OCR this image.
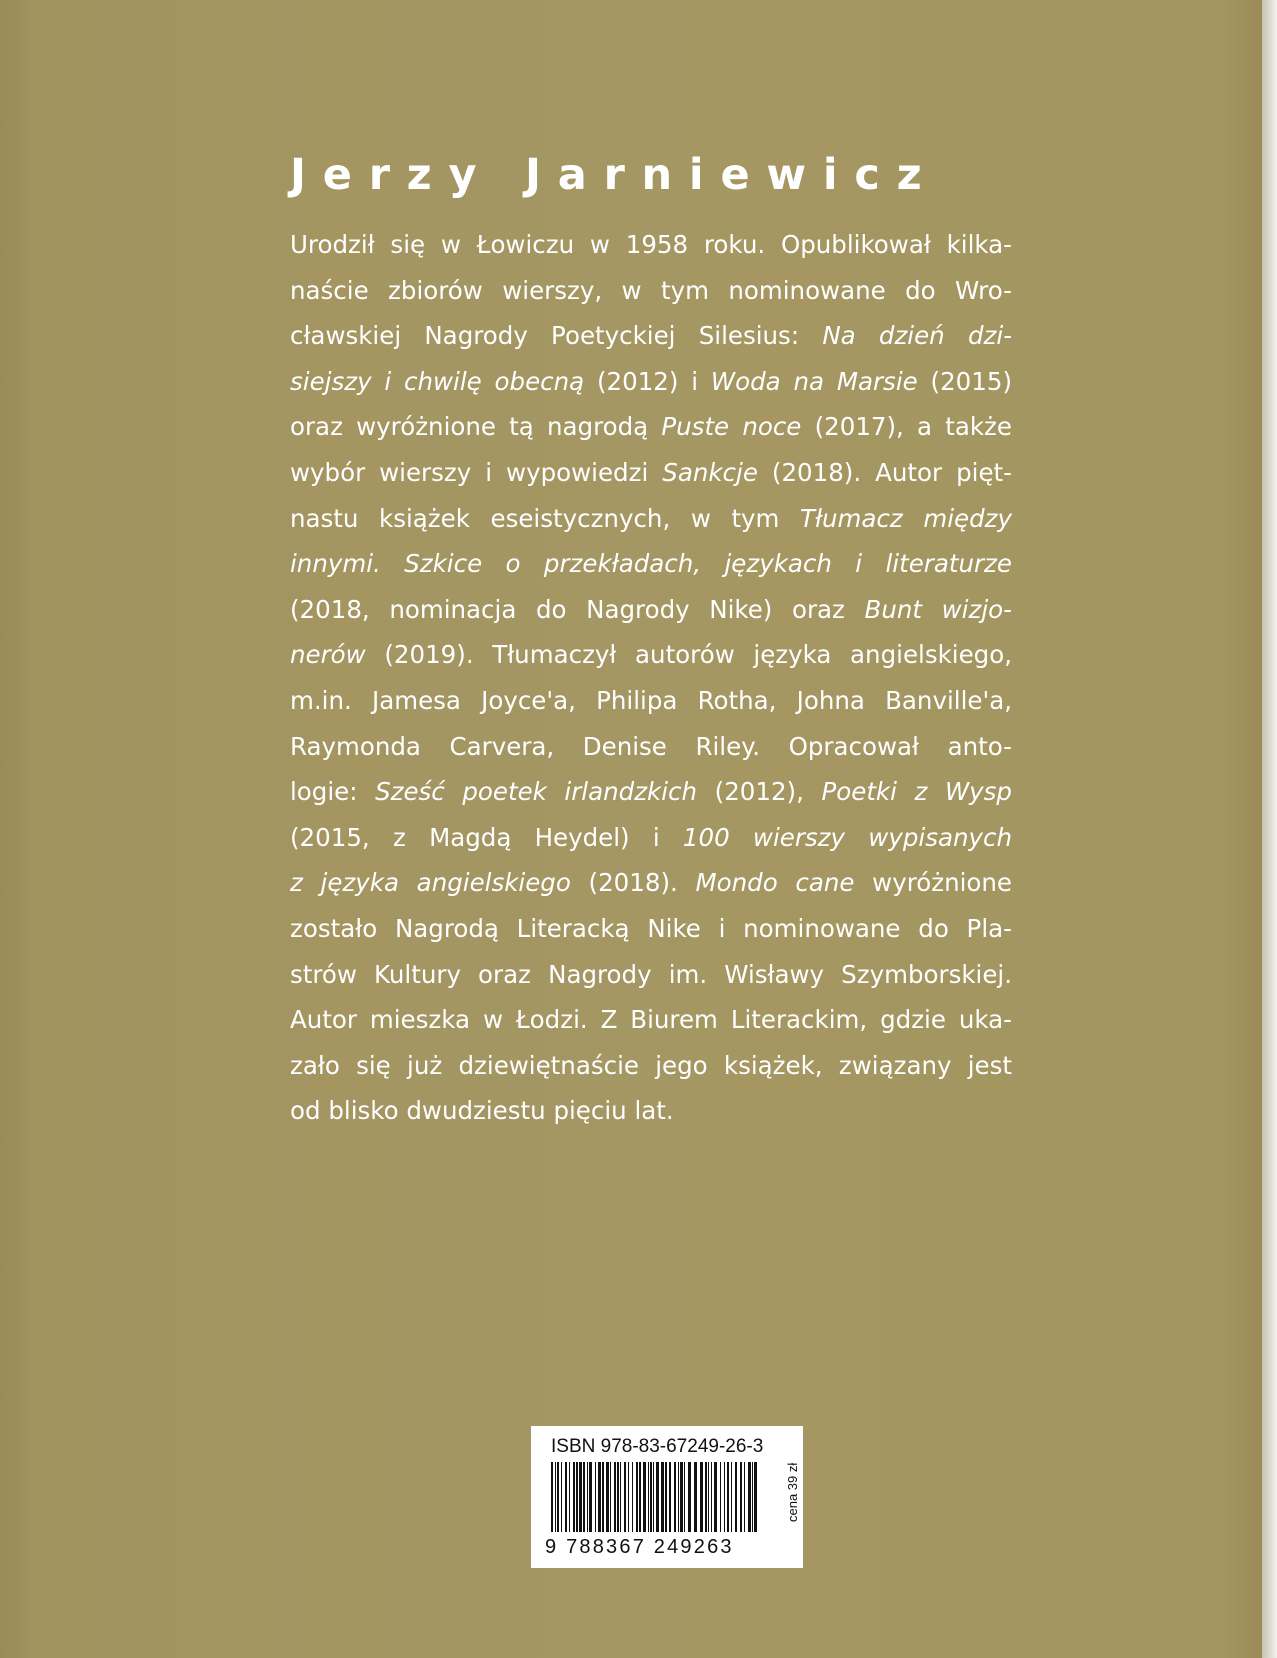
Jerzy Jarniewicz
Urodził się w Łowiczu w 1958 roku. Opublikował kilka-
naście zbiorów wierszy, w tym nominowane do Wro-
cławskiej Nagrody Poetyckiej Silesius: Na dzień dzi-
siejszy i chwilę obecną (2012) i Woda na Marsie (2015)
oraz wyróżnione tą nagrodą Puste noce (2017), a także
wybór wierszy i wypowiedzi Sankcje (2018). Autor pięt-
nastu książek eseistycznych, w tym Tłumacz między
innymi. Szkice o przekładach, językach i literaturze
(2018, nominacja do Nagrody Nike) oraz Bunt wizjo-
nerów (2019). Tłumaczył autorów języka angielskiego,
m.in. Jamesa Joyce'a, Philipa Rotha, Johna Banville'a,
Raymonda Carvera, Denise Riley. Opracował anto-
logie: Sześć poetek irlandzkich (2012), Poetki z Wysp
(2015, z Magdą Heydel) i 100 wierszy wypisanych
z języka angielskiego (2018). Mondo cane wyróżnione
zostało Nagrodą Literacką Nike i nominowane do Pla-
strów Kultury oraz Nagrody im. Wisławy Szymborskiej.
Autor mieszka w Łodzi. Z Biurem Literackim, gdzie uka-
zało się już dziewiętnaście jego książek, związany jest
od blisko dwudziestu pięciu lat.
ISBN 978-83-67249-26-3
9 788367 249263
cena 39 zł
